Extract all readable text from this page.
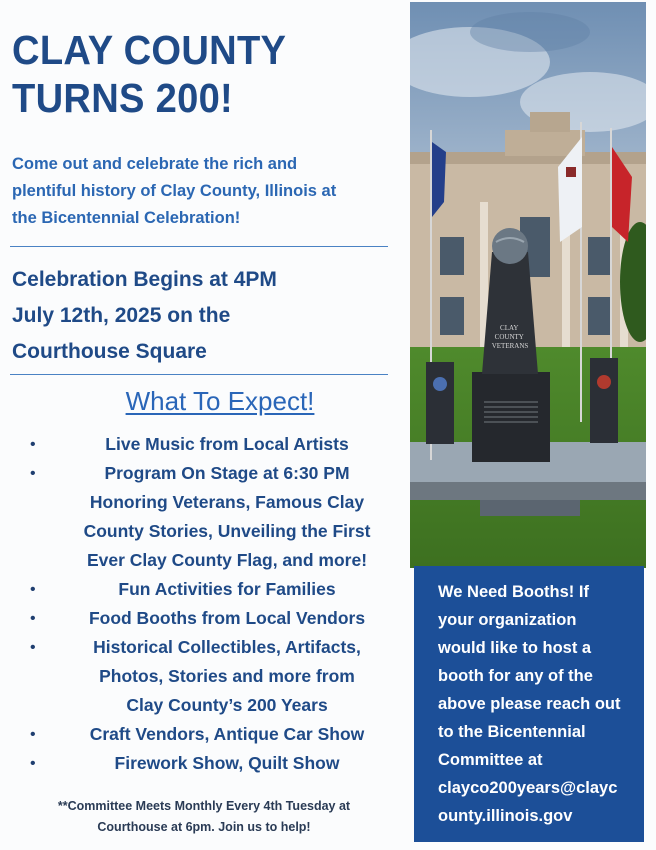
CLAY COUNTY
TURNS 200!
Come out and celebrate the rich and
plentiful history of Clay County, Illinois at
the Bicentennial Celebration!
Celebration Begins at 4PM
July 12th, 2025 on the
Courthouse Square
What To Expect!
•	Live Music from Local Artists
•	Program On Stage at 6:30 PM
Honoring Veterans, Famous Clay
County Stories, Unveiling the First
Ever Clay County Flag, and more!
•	Fun Activities for Families
•	Food Booths from Local Vendors
•	Historical Collectibles, Artifacts,
Photos, Stories and more from
Clay County’s 200 Years
•	Craft Vendors, Antique Car Show
•	Firework Show, Quilt Show
**Committee Meets Monthly Every 4th Tuesday at
Courthouse at 6pm. Join us to help!
CLAY COUNTY VETERANS
We Need Booths! If
your organization
would like to host a
booth for any of the
above please reach out
to the Bicentennial
Committee at
clayco200years@clayc
ounty.illinois.gov
